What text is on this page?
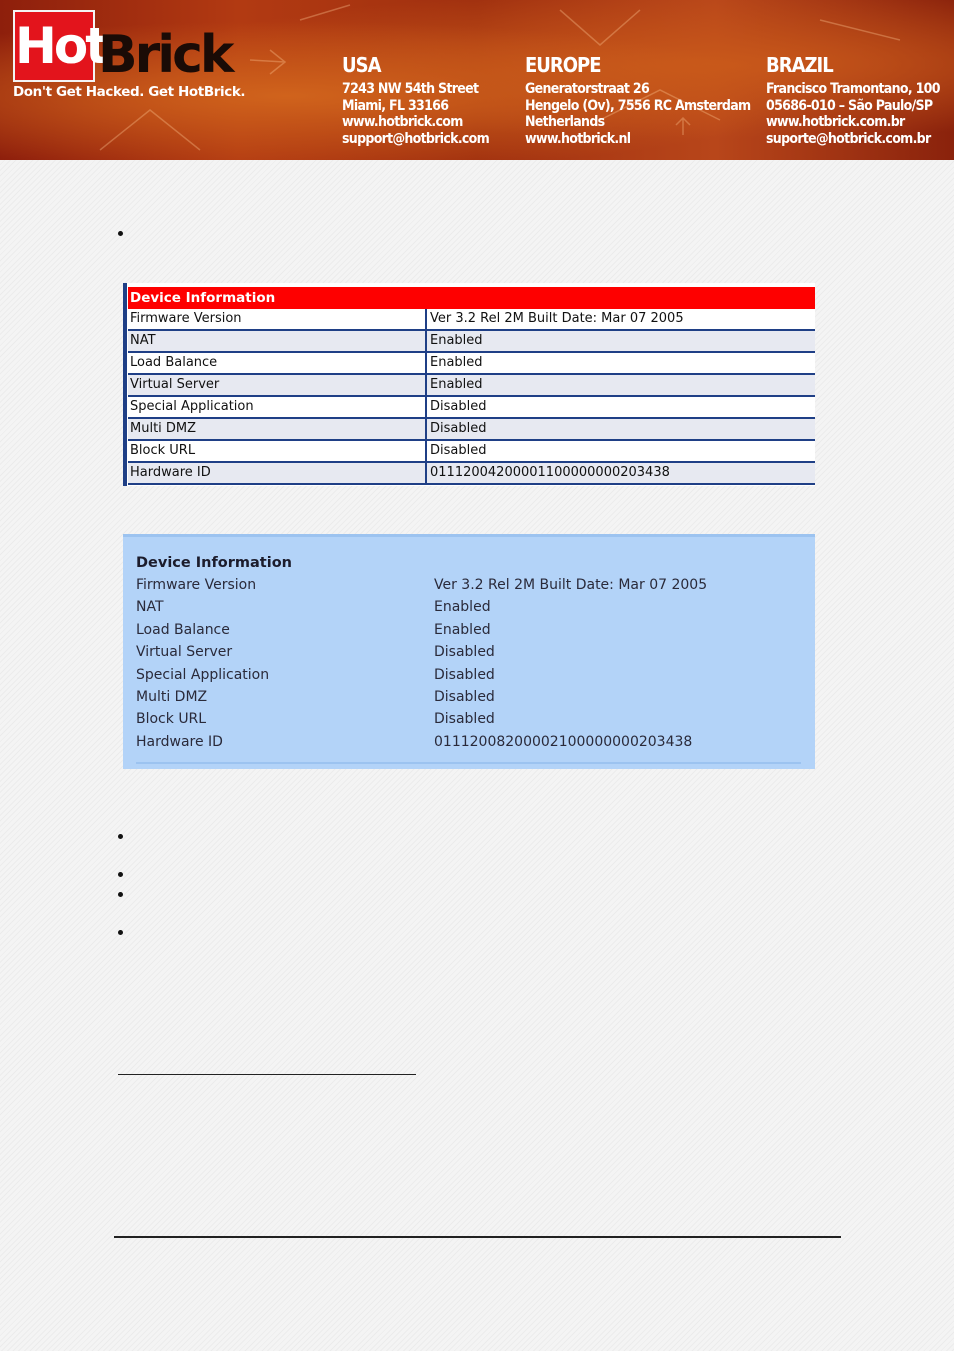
Hot
Brick
Don't Get Hacked. Get HotBrick.
USA
7243 NW 54th Street
Miami, FL 33166
www.hotbrick.com
support@hotbrick.com
EUROPE
Generatorstraat 26
Hengelo (Ov), 7556 RC Amsterdam
Netherlands
www.hotbrick.nl
BRAZIL
Francisco Tramontano, 100
05686-010 – São Paulo/SP
www.hotbrick.com.br
suporte@hotbrick.com.br
Device Information
Firmware Version	Ver 3.2 Rel 2M Built Date: Mar 07 2005
NAT	Enabled
Load Balance	Enabled
Virtual Server	Enabled
Special Application	Disabled
Multi DMZ	Disabled
Block URL	Disabled
Hardware ID	01112004200001100000000203438
Device Information
Firmware Version	Ver 3.2 Rel 2M Built Date: Mar 07 2005
NAT	Enabled
Load Balance	Enabled
Virtual Server	Disabled
Special Application	Disabled
Multi DMZ	Disabled
Block URL	Disabled
Hardware ID	01112008200002100000000203438
